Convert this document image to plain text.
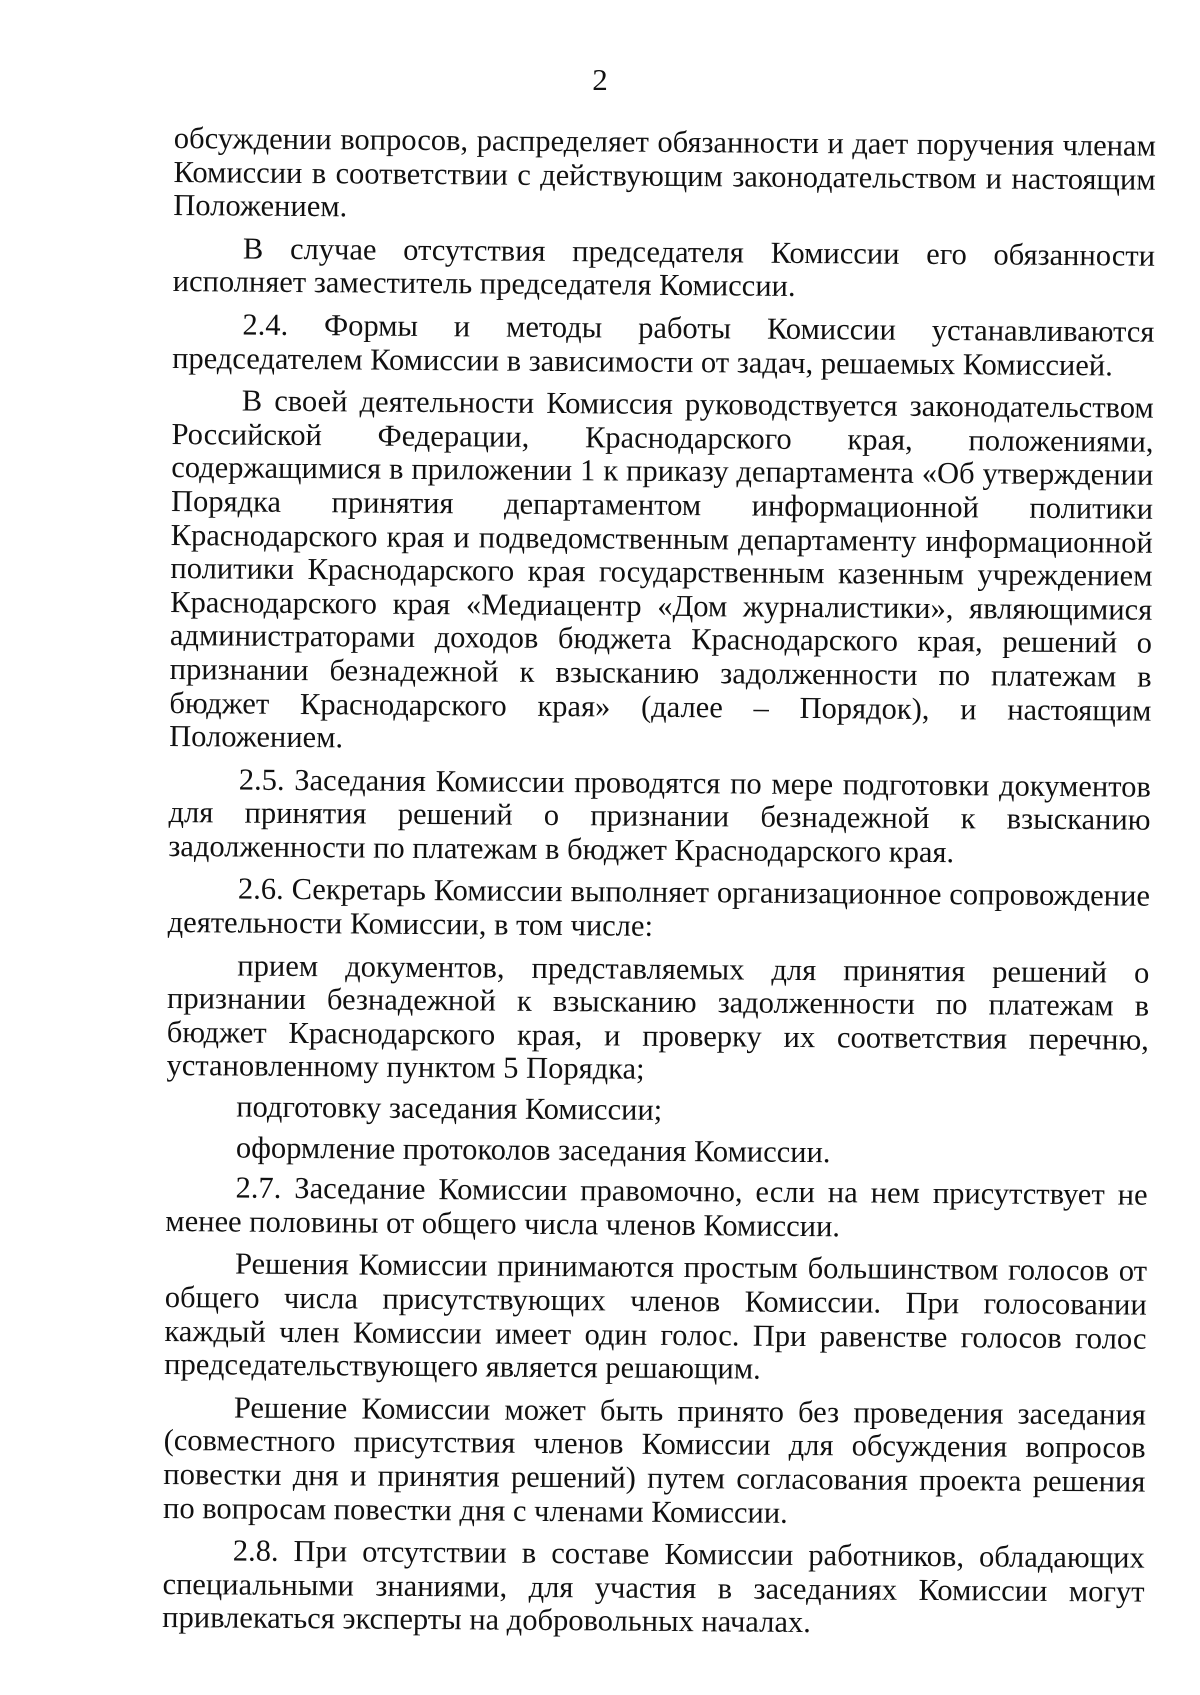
2

обсуждении вопросов, распределяет обязанности и дает поручения членам Комиссии в соответствии с действующим законодательством и настоящим Положением.

В случае отсутствия председателя Комиссии его обязанности исполняет заместитель председателя Комиссии.

2.4. Формы и методы работы Комиссии устанавливаются председателем Комиссии в зависимости от задач, решаемых Комиссией.

В своей деятельности Комиссия руководствуется законодательством Российской Федерации, Краснодарского края, положениями, содержащимися в приложении 1 к приказу департамента «Об утверждении Порядка принятия департаментом информационной политики Краснодарского края и подведомственным департаменту информационной политики Краснодарского края государственным казенным учреждением Краснодарского края «Медиацентр «Дом журналистики», являющимися администраторами доходов бюджета Краснодарского края, решений о признании безнадежной к взысканию задолженности по платежам в бюджет Краснодарского края» (далее – Порядок), и настоящим Положением.

2.5. Заседания Комиссии проводятся по мере подготовки документов для принятия решений о признании безнадежной к взысканию задолженности по платежам в бюджет Краснодарского края.

2.6. Секретарь Комиссии выполняет организационное сопровождение деятельности Комиссии, в том числе:

прием документов, представляемых для принятия решений о признании безнадежной к взысканию задолженности по платежам в бюджет Краснодарского края, и проверку их соответствия перечню, установленному пунктом 5 Порядка;

подготовку заседания Комиссии;

оформление протоколов заседания Комиссии.

2.7. Заседание Комиссии правомочно, если на нем присутствует не менее половины от общего числа членов Комиссии.

Решения Комиссии принимаются простым большинством голосов от общего числа присутствующих членов Комиссии. При голосовании каждый член Комиссии имеет один голос. При равенстве голосов голос председательствующего является решающим.

Решение Комиссии может быть принято без проведения заседания (совместного присутствия членов Комиссии для обсуждения вопросов повестки дня и принятия решений) путем согласования проекта решения по вопросам повестки дня с членами Комиссии.

2.8. При отсутствии в составе Комиссии работников, обладающих специальными знаниями, для участия в заседаниях Комиссии могут привлекаться эксперты на добровольных началах.
